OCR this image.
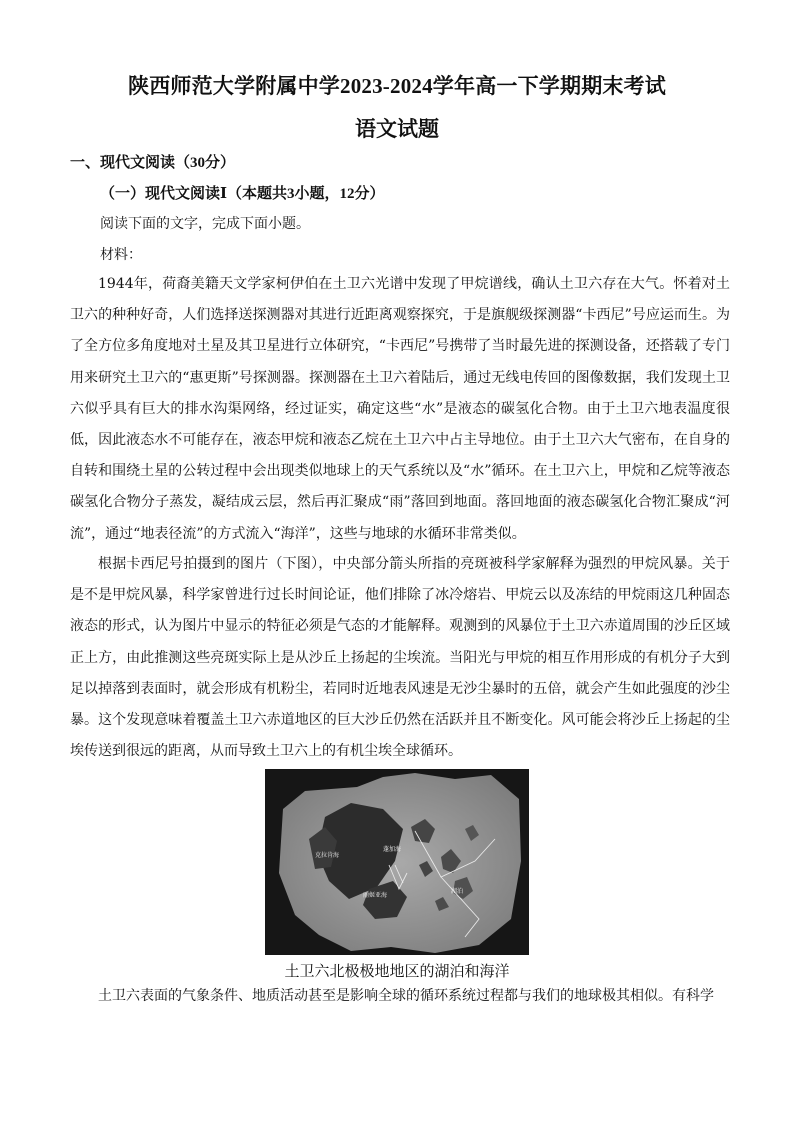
陕西师范大学附属中学2023-2024学年高一下学期期末考试
语文试题
一、现代文阅读（30分）
（一）现代文阅读Ⅰ（本题共3小题，12分）
阅读下面的文字，完成下面小题。
材料：

1944年，荷裔美籍天文学家柯伊伯在土卫六光谱中发现了甲烷谱线，确认土卫六存在大气。怀着对土卫六的种种好奇，人们选择送探测器对其进行近距离观察探究，于是旗舰级探测器“卡西尼”号应运而生。为了全方位多角度地对土星及其卫星进行立体研究，“卡西尼”号携带了当时最先进的探测设备，还搭载了专门用来研究土卫六的“惠更斯”号探测器。探测器在土卫六着陆后，通过无线电传回的图像数据，我们发现土卫六似乎具有巨大的排水沟渠网络，经过证实，确定这些“水”是液态的碳氢化合物。由于土卫六地表温度很低，因此液态水不可能存在，液态甲烷和液态乙烷在土卫六中占主导地位。由于土卫六大气密布，在自身的自转和围绕土星的公转过程中会出现类似地球上的天气系统以及“水”循环。在土卫六上，甲烷和乙烷等液态碳氢化合物分子蒸发，凝结成云层，然后再汇聚成“雨”落回到地面。落回地面的液态碳氢化合物汇聚成“河流”，通过“地表径流”的方式流入“海洋”，这些与地球的水循环非常类似。

根据卡西尼号拍摄到的图片（下图），中央部分箭头所指的亮斑被科学家解释为强烈的甲烷风暴。关于是不是甲烷风暴，科学家曾进行过长时间论证，他们排除了冰冷熔岩、甲烷云以及冻结的甲烷雨这几种固态液态的形式，认为图片中显示的特征必须是气态的才能解释。观测到的风暴位于土卫六赤道周围的沙丘区域正上方，由此推测这些亮斑实际上是从沙丘上扬起的尘埃流。当阳光与甲烷的相互作用形成的有机分子大到足以掉落到表面时，就会形成有机粉尘，若同时近地表风速是无沙尘暴时的五倍，就会产生如此强度的沙尘暴。这个发现意味着覆盖土卫六赤道地区的巨大沙丘仍然在活跃并且不断变化。风可能会将沙丘上扬起的尘埃传送到很远的距离，从而导致土卫六上的有机尘埃全球循环。

克拉肯海
丽姬亚海
蓬加海
湖泊
土卫六北极极地地区的湖泊和海洋

土卫六表面的气象条件、地质活动甚至是影响全球的循环系统过程都与我们的地球极其相似。有科学
